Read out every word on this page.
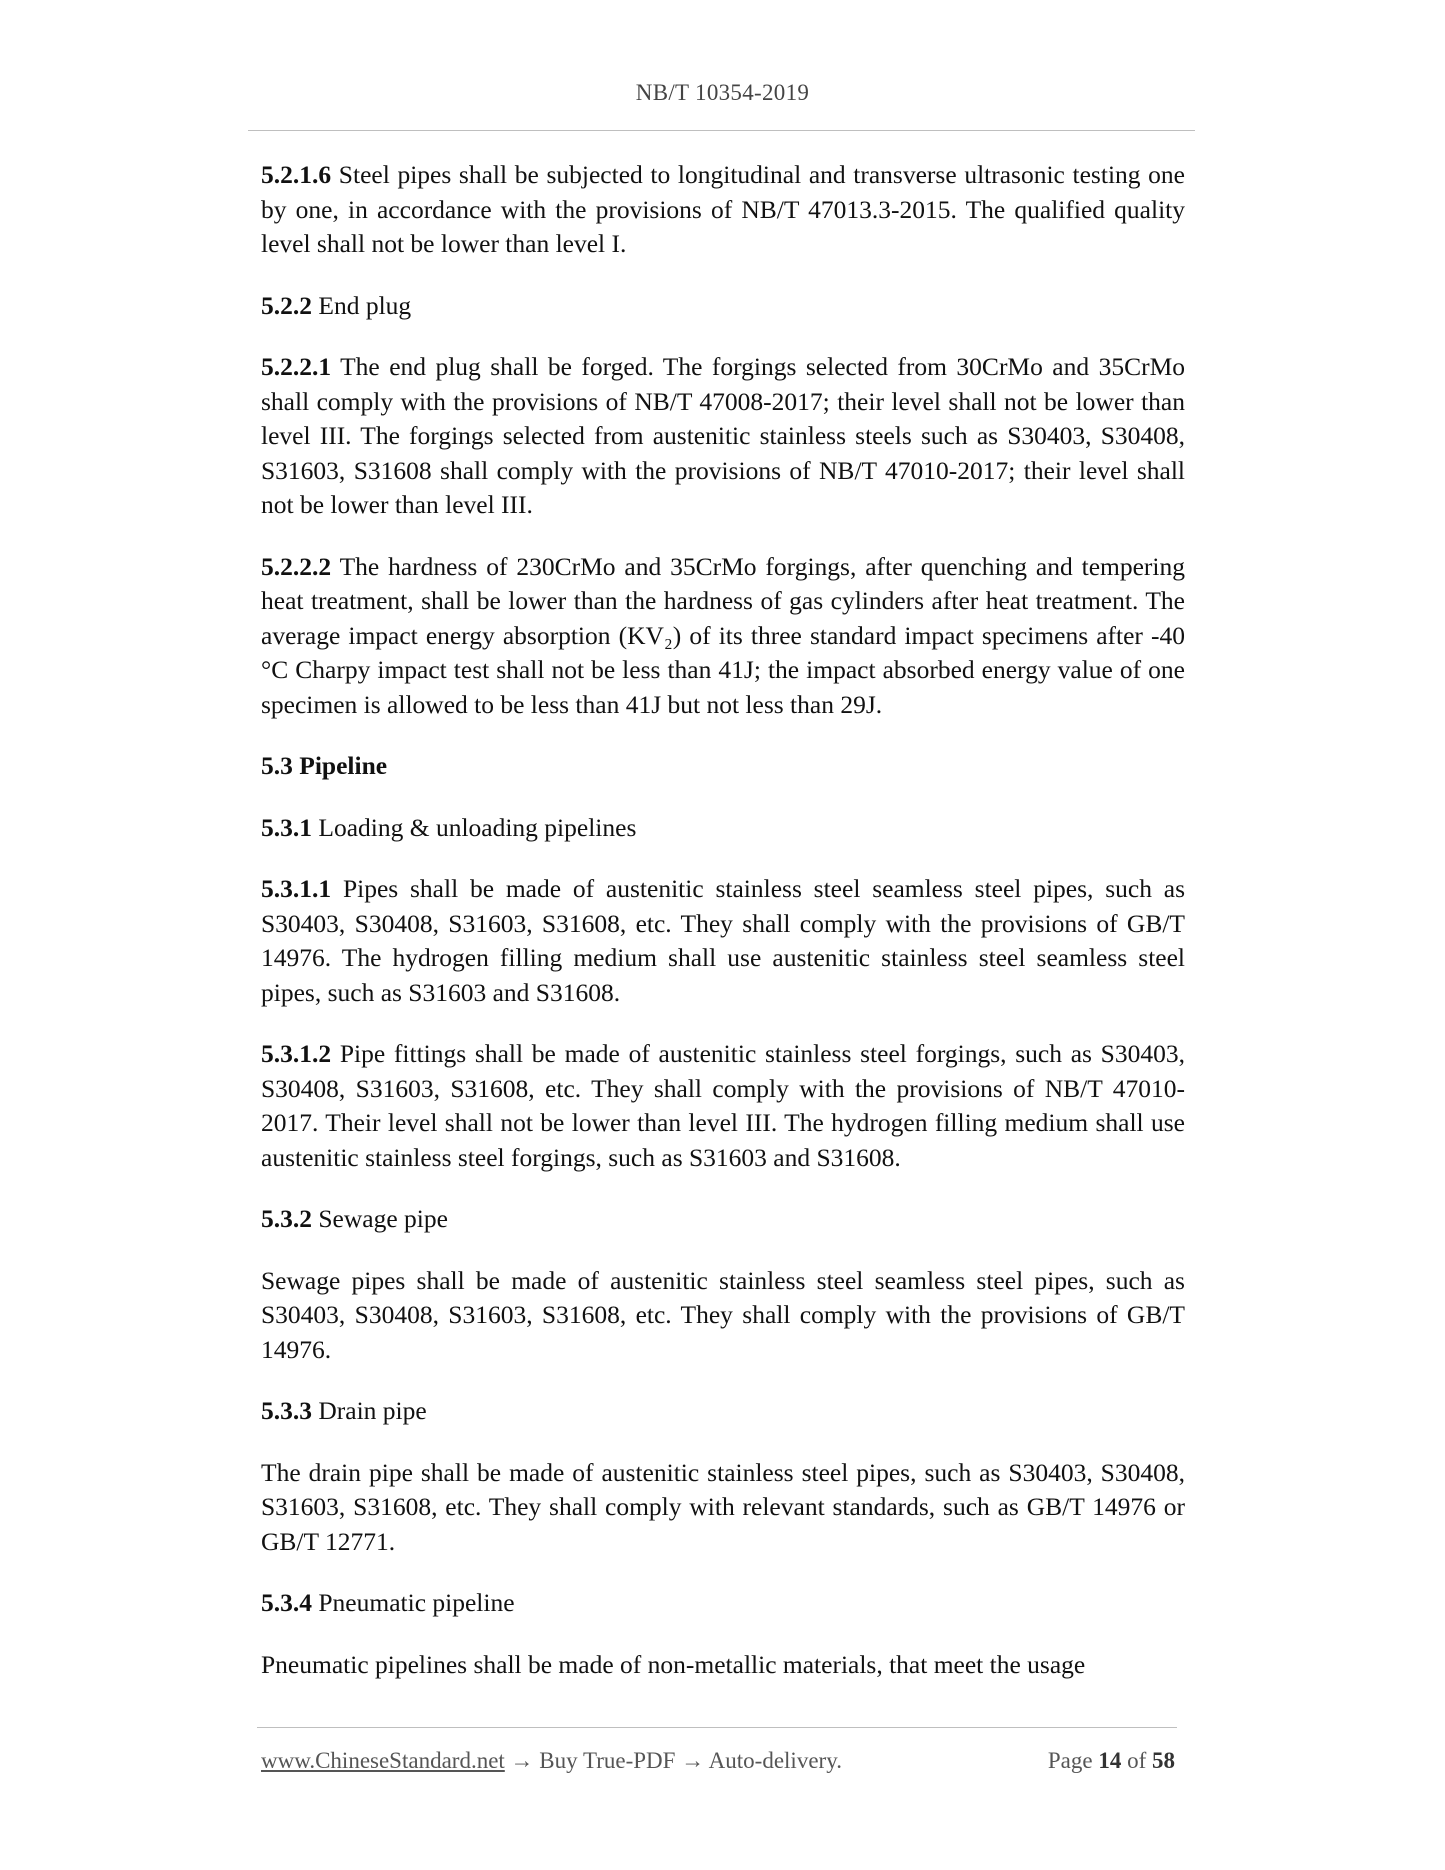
NB/T 10354-2019

5.2.1.6 Steel pipes shall be subjected to longitudinal and transverse ultrasonic testing one by one, in accordance with the provisions of NB/T 47013.3-2015. The qualified quality level shall not be lower than level I.

5.2.2 End plug

5.2.2.1 The end plug shall be forged. The forgings selected from 30CrMo and 35CrMo shall comply with the provisions of NB/T 47008-2017; their level shall not be lower than level III. The forgings selected from austenitic stainless steels such as S30403, S30408, S31603, S31608 shall comply with the provisions of NB/T 47010-2017; their level shall not be lower than level III.

5.2.2.2 The hardness of 230CrMo and 35CrMo forgings, after quenching and tempering heat treatment, shall be lower than the hardness of gas cylinders after heat treatment. The average impact energy absorption (KV₂) of its three standard impact specimens after -40 °C Charpy impact test shall not be less than 41J; the impact absorbed energy value of one specimen is allowed to be less than 41J but not less than 29J.

5.3 Pipeline

5.3.1 Loading & unloading pipelines

5.3.1.1 Pipes shall be made of austenitic stainless steel seamless steel pipes, such as S30403, S30408, S31603, S31608, etc. They shall comply with the provisions of GB/T 14976. The hydrogen filling medium shall use austenitic stainless steel seamless steel pipes, such as S31603 and S31608.

5.3.1.2 Pipe fittings shall be made of austenitic stainless steel forgings, such as S30403, S30408, S31603, S31608, etc. They shall comply with the provisions of NB/T 47010-2017. Their level shall not be lower than level III. The hydrogen filling medium shall use austenitic stainless steel forgings, such as S31603 and S31608.

5.3.2 Sewage pipe

Sewage pipes shall be made of austenitic stainless steel seamless steel pipes, such as S30403, S30408, S31603, S31608, etc. They shall comply with the provisions of GB/T 14976.

5.3.3 Drain pipe

The drain pipe shall be made of austenitic stainless steel pipes, such as S30403, S30408, S31603, S31608, etc. They shall comply with relevant standards, such as GB/T 14976 or GB/T 12771.

5.3.4 Pneumatic pipeline

Pneumatic pipelines shall be made of non-metallic materials, that meet the usage

www.ChineseStandard.net → Buy True-PDF → Auto-delivery.	Page 14 of 58
